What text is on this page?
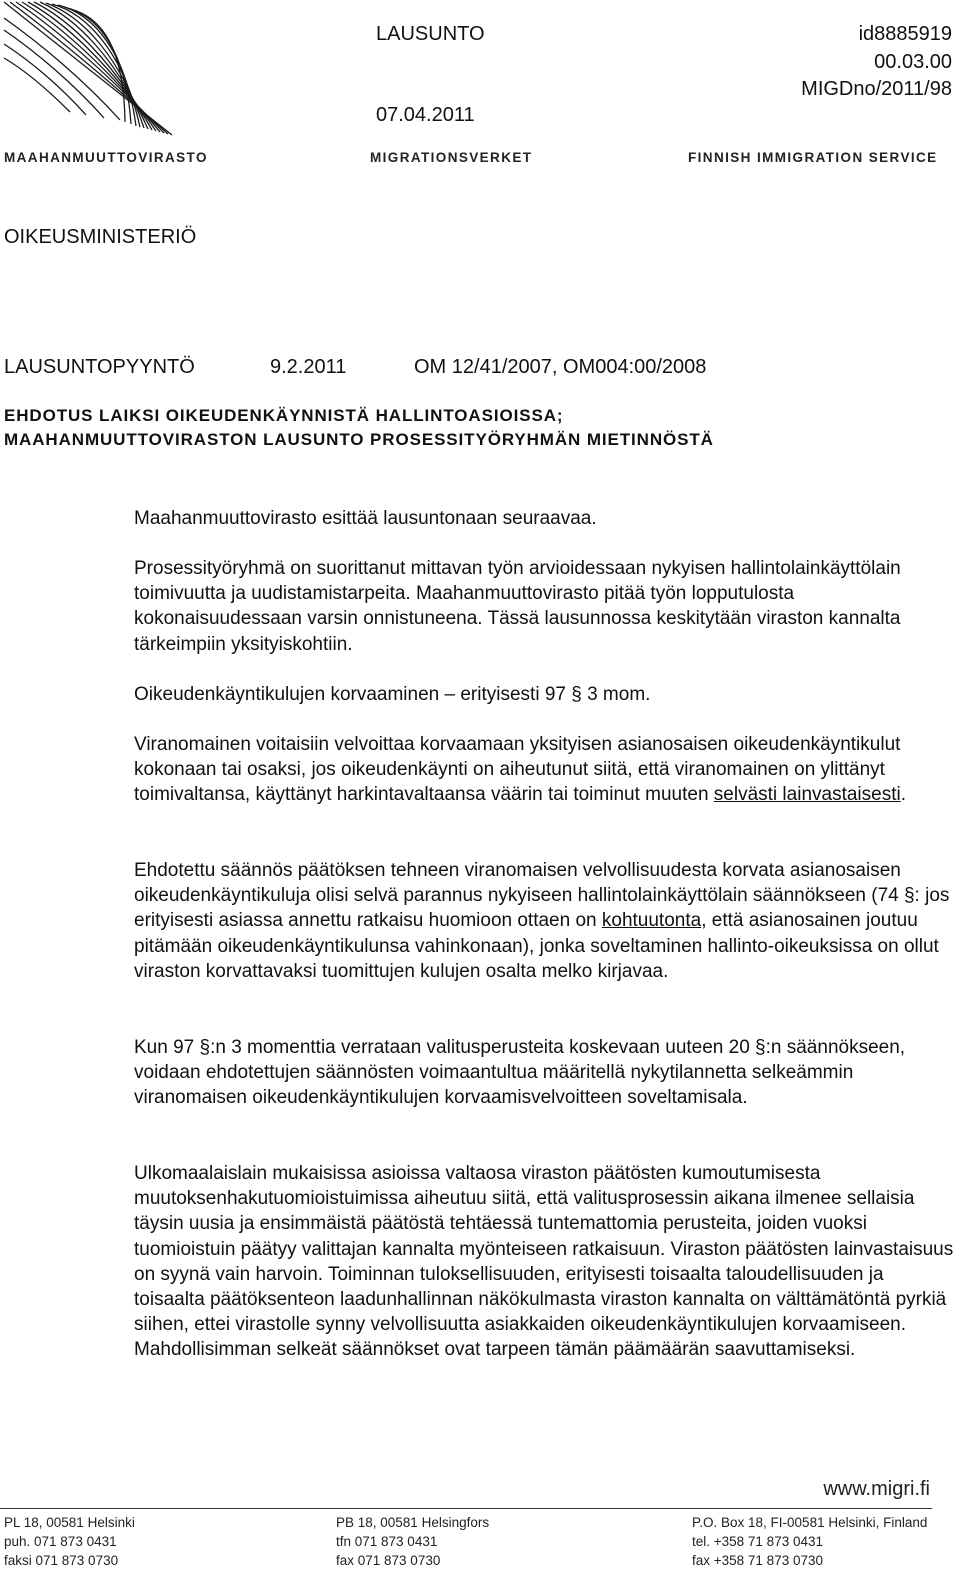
LAUSUNTO
07.04.2011
id8885919
00.03.00
MIGDno/2011/98
MAAHANMUUTTOVIRASTO	MIGRATIONSVERKET	FINNISH IMMIGRATION SERVICE
OIKEUSMINISTERIÖ
LAUSUNTOPYYNTÖ	9.2.2011	OM 12/41/2007, OM004:00/2008
EHDOTUS LAIKSI OIKEUDENKÄYNNISTÄ HALLINTOASIOISSA;
MAAHANMUUTTOVIRASTON LAUSUNTO PROSESSITYÖRYHMÄN MIETINNÖSTÄ

Maahanmuuttovirasto esittää lausuntonaan seuraavaa.

Prosessityöryhmä on suorittanut mittavan työn arvioidessaan nykyisen hallintolainkäyttölain toimivuutta ja uudistamistarpeita. Maahanmuuttovirasto pitää työn lopputulosta kokonaisuudessaan varsin onnistuneena. Tässä lausunnossa keskitytään viraston kannalta tärkeimpiin yksityiskohtiin.

Oikeudenkäyntikulujen korvaaminen – erityisesti 97 § 3 mom.

Viranomainen voitaisiin velvoittaa korvaamaan yksityisen asianosaisen oikeudenkäyntikulut kokonaan tai osaksi, jos oikeudenkäynti on aiheutunut siitä, että viranomainen on ylittänyt toimivaltansa, käyttänyt harkintavaltaansa väärin tai toiminut muuten selvästi lainvastaisesti.

Ehdotettu säännös päätöksen tehneen viranomaisen velvollisuudesta korvata asianosaisen oikeudenkäyntikuluja olisi selvä parannus nykyiseen hallintolainkäyttölain säännökseen (74 §: jos erityisesti asiassa annettu ratkaisu huomioon ottaen on kohtuutonta, että asianosainen joutuu pitämään oikeudenkäyntikulunsa vahinkonaan), jonka soveltaminen hallinto-oikeuksissa on ollut viraston korvattavaksi tuomittujen kulujen osalta melko kirjavaa.

Kun 97 §:n 3 momenttia verrataan valitusperusteita koskevaan uuteen 20 §:n säännökseen, voidaan ehdotettujen säännösten voimaantultua määritellä nykytilannetta selkeämmin viranomaisen oikeudenkäyntikulujen korvaamisvelvoitteen soveltamisala.

Ulkomaalaislain mukaisissa asioissa valtaosa viraston päätösten kumoutumisesta muutoksenhakutuomioistuimissa aiheutuu siitä, että valitusprosessin aikana ilmenee sellaisia täysin uusia ja ensimmäistä päätöstä tehtäessä tuntemattomia perusteita, joiden vuoksi tuomioistuin päätyy valittajan kannalta myönteiseen ratkaisuun. Viraston päätösten lainvastaisuus on syynä vain harvoin. Toiminnan tuloksellisuuden, erityisesti toisaalta taloudellisuuden ja toisaalta päätöksenteon laadunhallinnan näkökulmasta viraston kannalta on välttämätöntä pyrkiä siihen, ettei virastolle synny velvollisuutta asiakkaiden oikeudenkäyntikulujen korvaamiseen. Mahdollisimman selkeät säännökset ovat tarpeen tämän päämäärän saavuttamiseksi.

www.migri.fi
PL 18, 00581 Helsinki
puh. 071 873 0431
faksi 071 873 0730
PB 18, 00581 Helsingfors
tfn 071 873 0431
fax 071 873 0730
P.O. Box 18, FI-00581 Helsinki, Finland
tel. +358 71 873 0431
fax +358 71 873 0730
